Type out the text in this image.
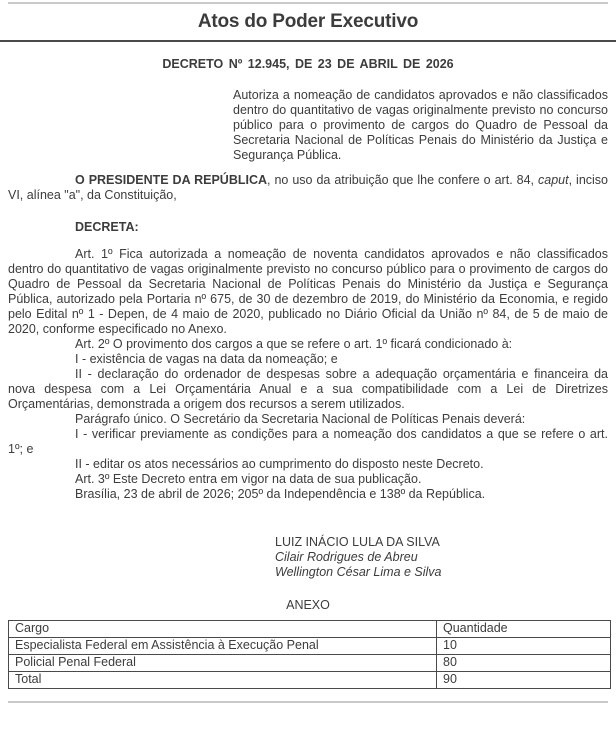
Atos do Poder Executivo
DECRETO Nº 12.945, DE 23 DE ABRIL DE 2026

Autoriza a nomeação de candidatos aprovados e não classificados dentro do quantitativo de vagas originalmente previsto no concurso público para o provimento de cargos do Quadro de Pessoal da Secretaria Nacional de Políticas Penais do Ministério da Justiça e Segurança Pública.

O PRESIDENTE DA REPÚBLICA, no uso da atribuição que lhe confere o art. 84, caput, inciso VI, alínea "a", da Constituição,

DECRETA:

Art. 1º Fica autorizada a nomeação de noventa candidatos aprovados e não classificados dentro do quantitativo de vagas originalmente previsto no concurso público para o provimento de cargos do Quadro de Pessoal da Secretaria Nacional de Políticas Penais do Ministério da Justiça e Segurança Pública, autorizado pela Portaria nº 675, de 30 de dezembro de 2019, do Ministério da Economia, e regido pelo Edital nº 1 - Depen, de 4 maio de 2020, publicado no Diário Oficial da União nº 84, de 5 de maio de 2020, conforme especificado no Anexo.

Art. 2º O provimento dos cargos a que se refere o art. 1º ficará condicionado à:

I - existência de vagas na data da nomeação; e

II - declaração do ordenador de despesas sobre a adequação orçamentária e financeira da nova despesa com a Lei Orçamentária Anual e a sua compatibilidade com a Lei de Diretrizes Orçamentárias, demonstrada a origem dos recursos a serem utilizados.

Parágrafo único. O Secretário da Secretaria Nacional de Políticas Penais deverá:

I - verificar previamente as condições para a nomeação dos candidatos a que se refere o art. 1º; e

II - editar os atos necessários ao cumprimento do disposto neste Decreto.

Art. 3º Este Decreto entra em vigor na data de sua publicação.

Brasília, 23 de abril de 2026; 205º da Independência e 138º da República.

LUIZ INÁCIO LULA DA SILVA
Cilair Rodrigues de Abreu
Wellington César Lima e Silva
ANEXO
Cargo	Quantidade
Especialista Federal em Assistência à Execução Penal	10
Policial Penal Federal	80
Total	90
